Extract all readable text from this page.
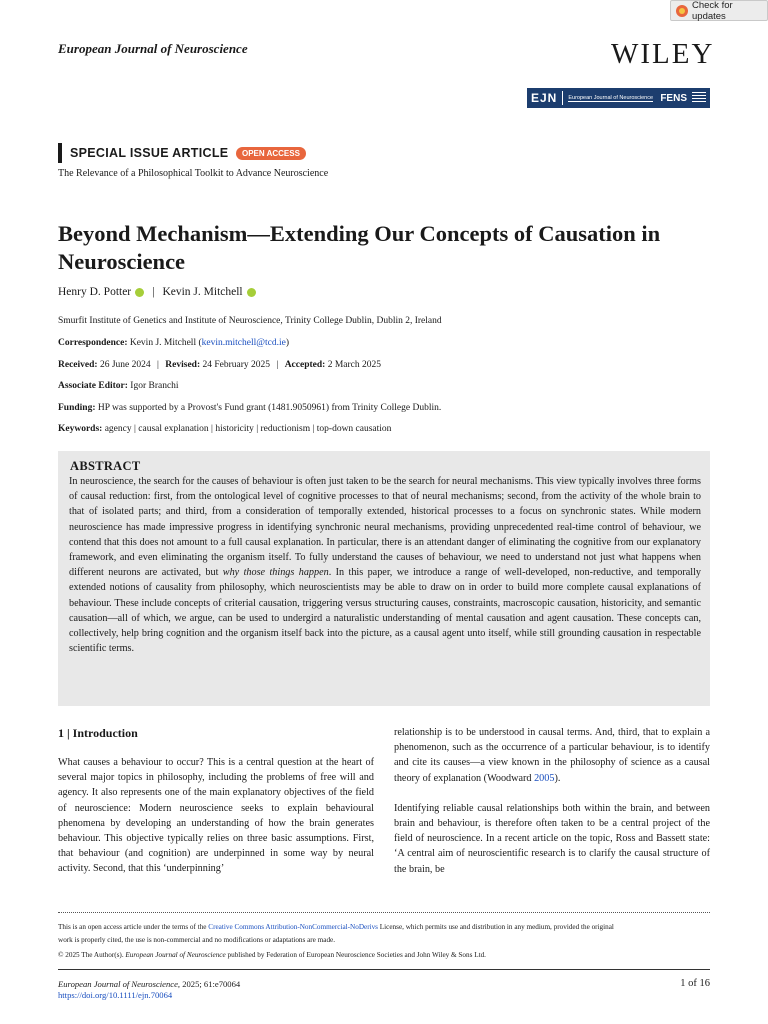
Check for updates
European Journal of Neuroscience	WILEY
EJN	European Journal of Neuroscience FENS
SPECIAL ISSUE ARTICLE	OPEN ACCESS
The Relevance of a Philosophical Toolkit to Advance Neuroscience
Beyond Mechanism—Extending Our Concepts of Causation in Neuroscience
Henry D. Potter | Kevin J. Mitchell
Smurfit Institute of Genetics and Institute of Neuroscience, Trinity College Dublin, Dublin 2, Ireland
Correspondence: Kevin J. Mitchell (kevin.mitchell@tcd.ie)
Received: 26 June 2024 | Revised: 24 February 2025 | Accepted: 2 March 2025
Associate Editor: Igor Branchi
Funding: HP was supported by a Provost's Fund grant (1481.9050961) from Trinity College Dublin.
Keywords: agency | causal explanation | historicity | reductionism | top-down causation
ABSTRACT
In neuroscience, the search for the causes of behaviour is often just taken to be the search for neural mechanisms. This view typically involves three forms of causal reduction: first, from the ontological level of cognitive processes to that of neural mechanisms; second, from the activity of the whole brain to that of isolated parts; and third, from a consideration of temporally extended, historical processes to a focus on synchronic states. While modern neuroscience has made impressive progress in identifying synchronic neural mechanisms, providing unprecedented real-time control of behaviour, we contend that this does not amount to a full causal explanation. In particular, there is an attendant danger of eliminating the cognitive from our explanatory framework, and even eliminating the organism itself. To fully understand the causes of behaviour, we need to understand not just what happens when different neurons are activated, but why those things happen. In this paper, we introduce a range of well-developed, non-reductive, and temporally extended notions of causality from philosophy, which neuroscientists may be able to draw on in order to build more complete causal explanations of behaviour. These include concepts of criterial causation, triggering versus structuring causes, constraints, macroscopic causation, historicity, and semantic causation—all of which, we argue, can be used to undergird a naturalistic understanding of mental causation and agent causation. These concepts can, collectively, help bring cognition and the organism itself back into the picture, as a causal agent unto itself, while still grounding causation in respectable scientific terms.
1 | Introduction
What causes a behaviour to occur? This is a central question at the heart of several major topics in philosophy, including the problems of free will and agency. It also represents one of the main explanatory objectives of the field of neuroscience: Modern neuroscience seeks to explain behavioural phenomena by developing an understanding of how the brain generates behaviour. This objective typically relies on three basic assumptions. First, that behaviour (and cognition) are underpinned in some way by neural activity. Second, that this ‘underpinning’
relationship is to be understood in causal terms. And, third, that to explain a phenomenon, such as the occurrence of a particular behaviour, is to identify and cite its causes—a view known in the philosophy of science as a causal theory of explanation (Woodward 2005).
Identifying reliable causal relationships both within the brain, and between brain and behaviour, is therefore often taken to be a central project of the field of neuroscience. In a recent article on the topic, Ross and Bassett state: ‘A central aim of neuroscientific research is to clarify the causal structure of the brain, be
This is an open access article under the terms of the Creative Commons Attribution-NonCommercial-NoDerivs License, which permits use and distribution in any medium, provided the original
work is properly cited, the use is non-commercial and no modifications or adaptations are made.
© 2025 The Author(s). European Journal of Neuroscience published by Federation of European Neuroscience Societies and John Wiley & Sons Ltd.
European Journal of Neuroscience, 2025; 61:e70064
https://doi.org/10.1111/ejn.70064
1 of 16
